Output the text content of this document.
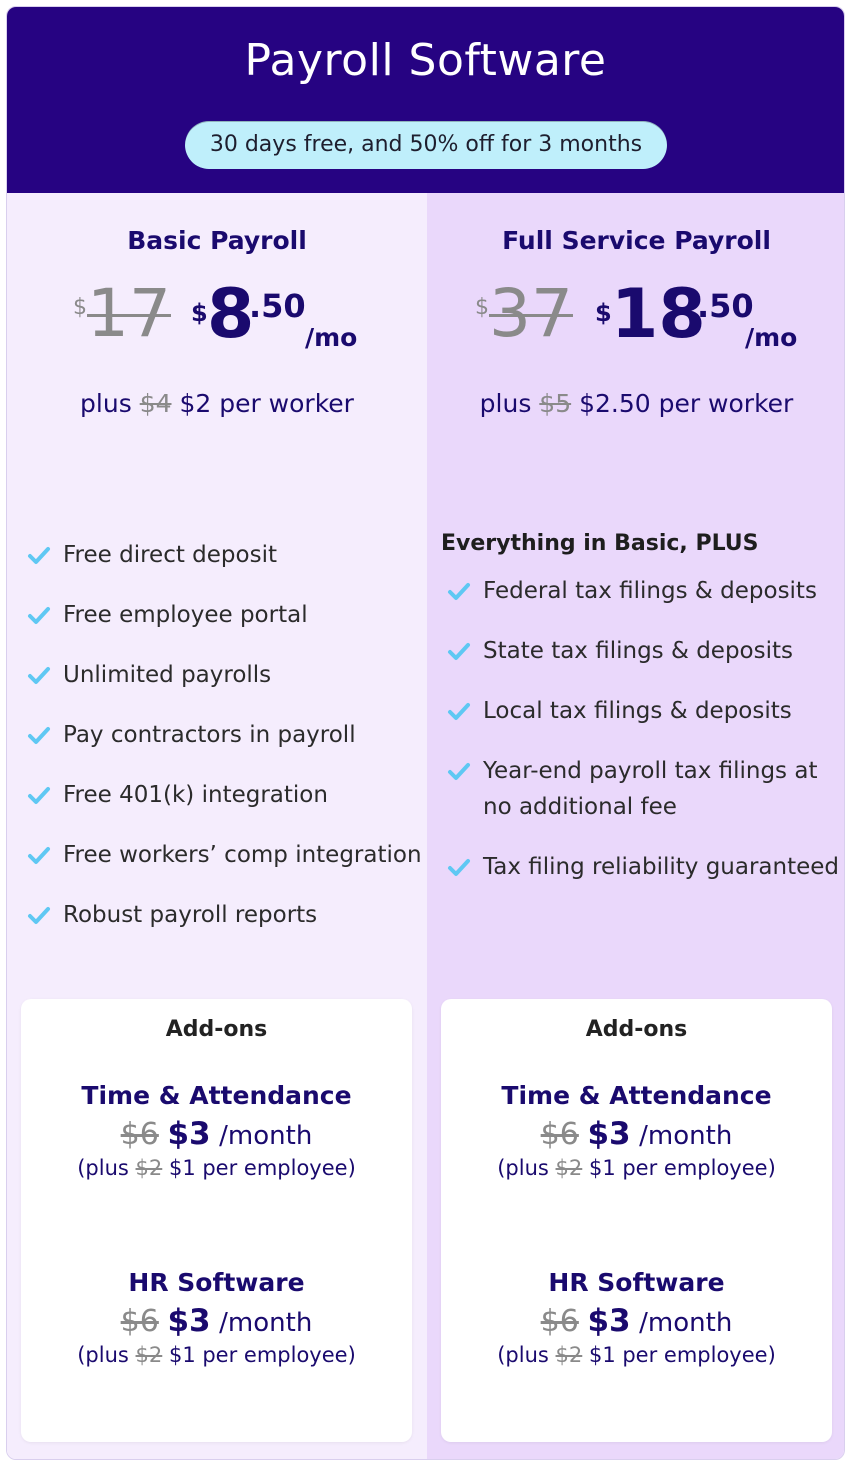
Payroll Software
30 days free, and 50% off for 3 months
Basic Payroll
$ 17 $ 8
.50
/mo
plus $4 $2 per worker
Free direct deposit
Free employee portal
Unlimited payrolls
Pay contractors in payroll
Free 401(k) integration
Free workers’ comp integration
Robust payroll reports
Add-ons
Time & Attendance
$6 $3 /month
(plus $2 $1 per employee)
HR Software
$6 $3 /month
(plus $2 $1 per employee)
Full Service Payroll
$ 37 $ 18
.50
/mo
plus $5 $2.50 per worker
Everything in Basic, PLUS
Federal tax filings & deposits
State tax filings & deposits
Local tax filings & deposits
Year-end payroll tax filings at no additional fee
Tax filing reliability guaranteed
Add-ons
Time & Attendance
$6 $3 /month
(plus $2 $1 per employee)
HR Software
$6 $3 /month
(plus $2 $1 per employee)
